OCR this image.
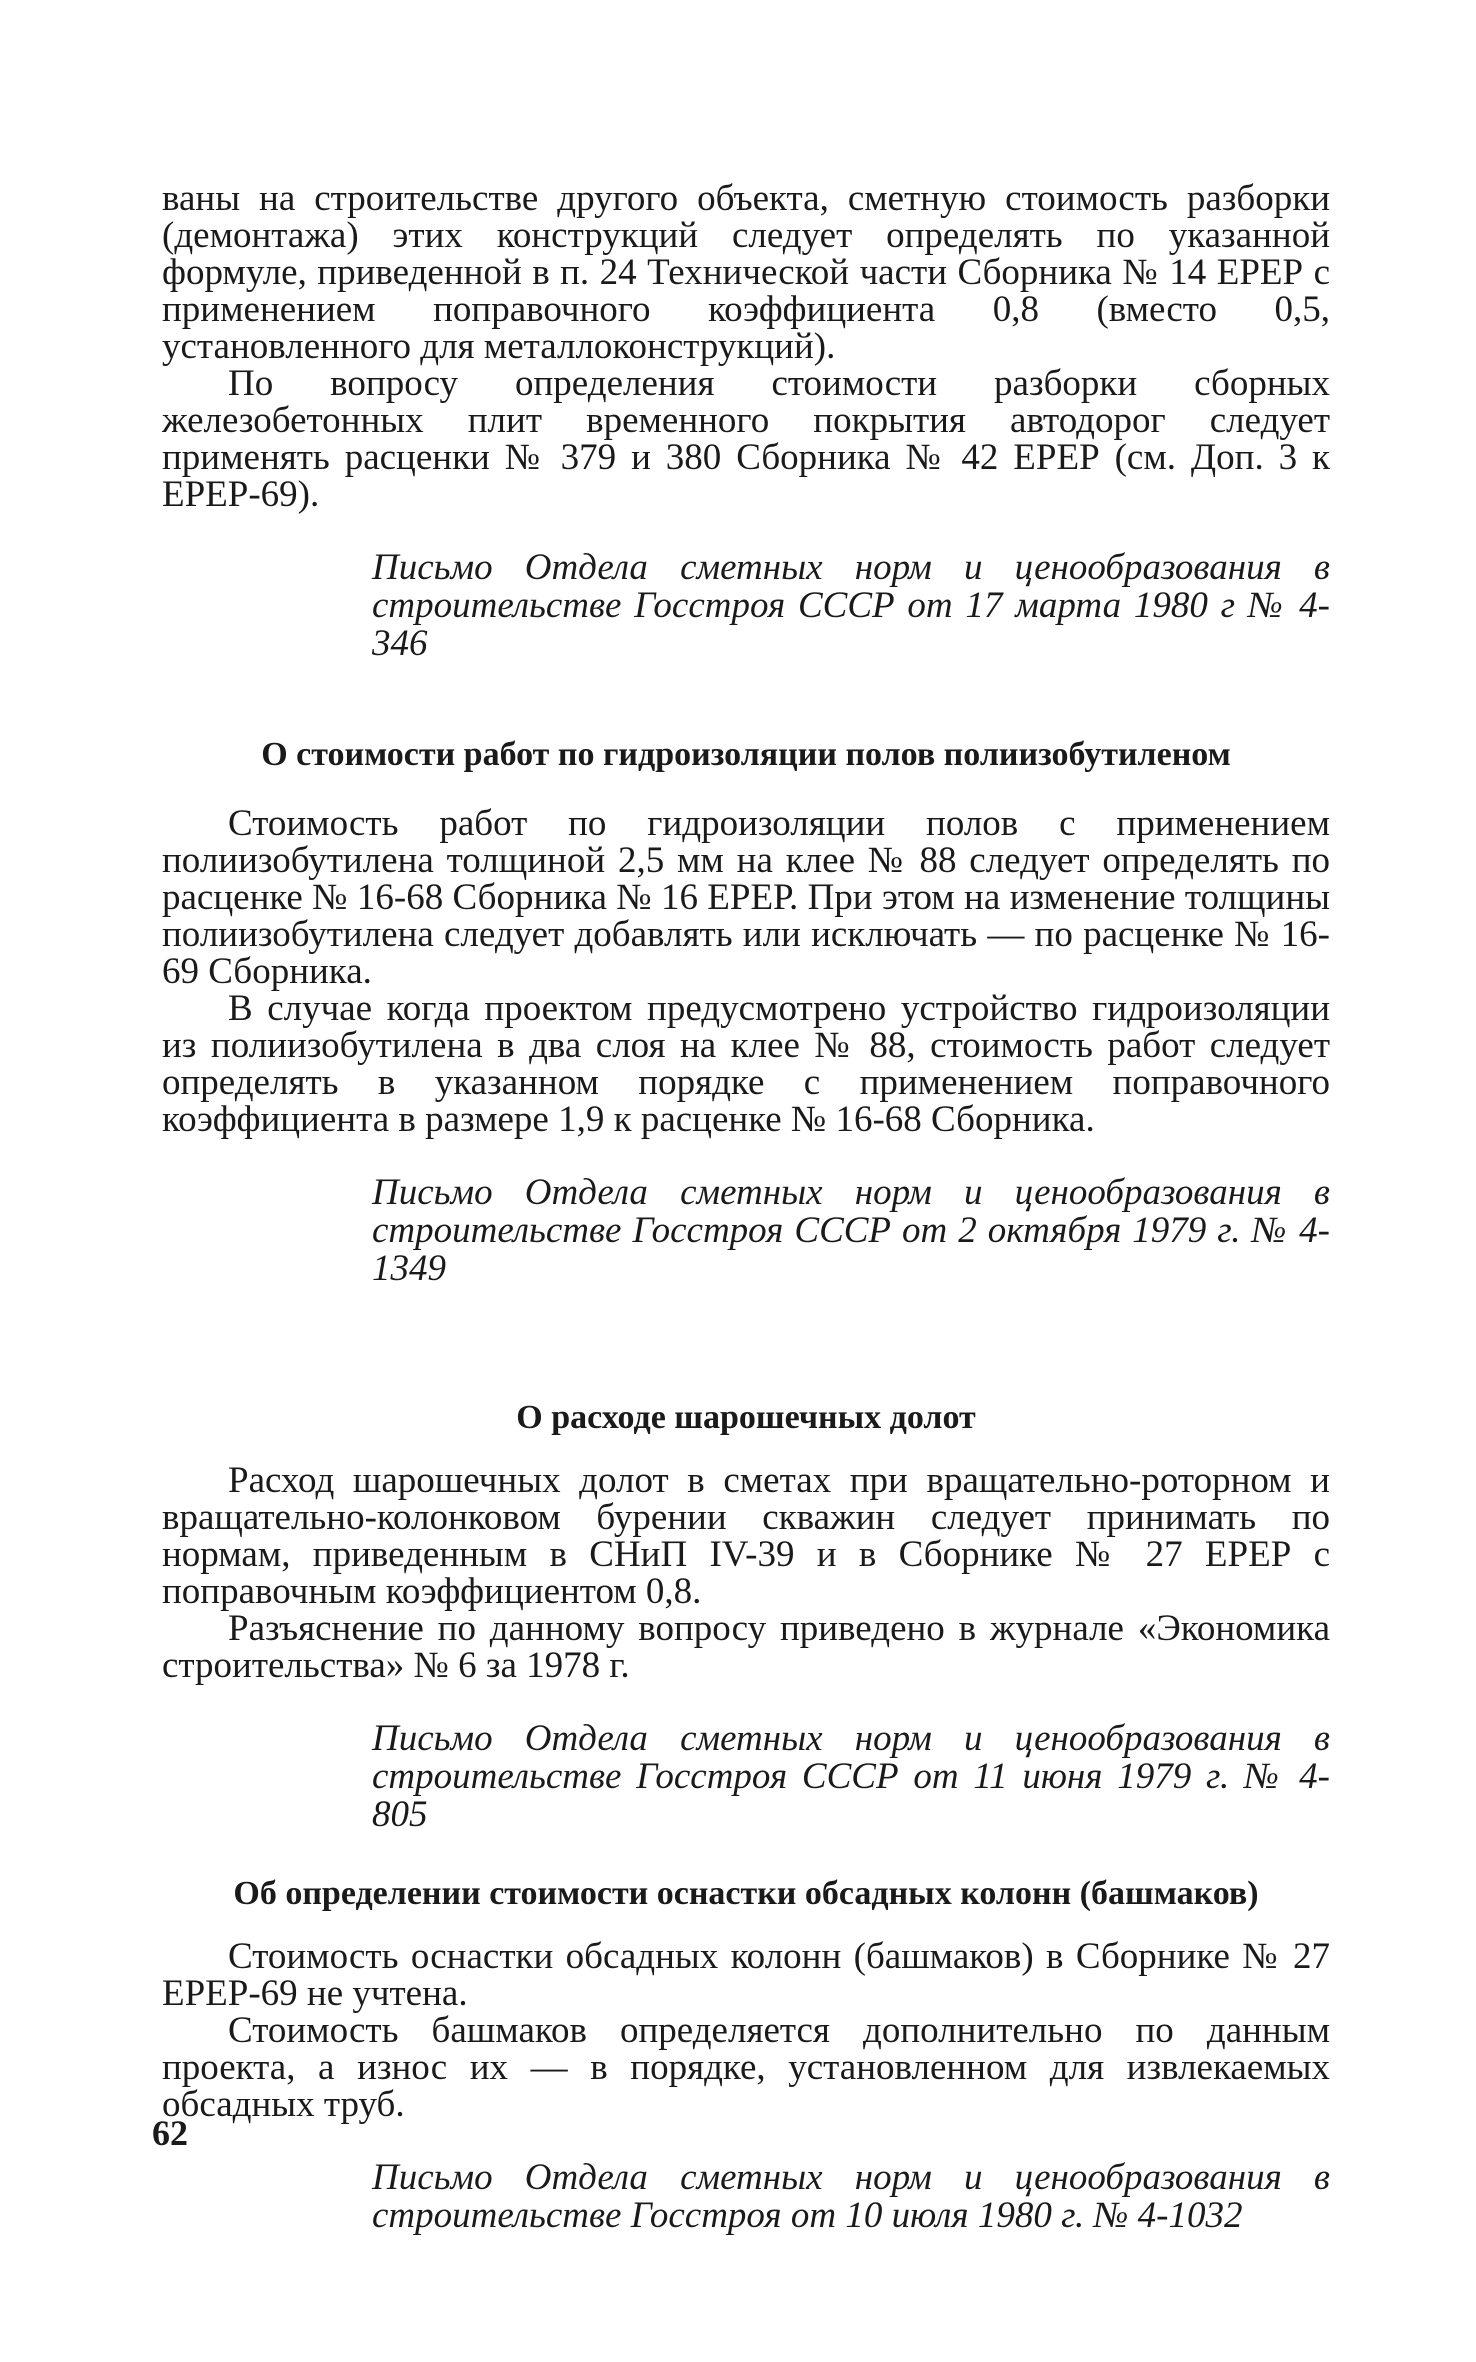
ваны на строительстве другого объекта, сметную стоимость разборки (демонтажа) этих конструкций следует определять по указанной формуле, приведенной в п. 24 Технической части Сборника № 14 ЕРЕР с применением поправочного коэффициента 0,8 (вместо 0,5, установленного для металлоконструкций).

По вопросу определения стоимости разборки сборных железобетонных плит временного покрытия автодорог следует применять расценки № 379 и 380 Сборника № 42 ЕРЕР (см. Доп. 3 к ЕРЕР-69).

Письмо Отдела сметных норм и ценообразования в строительстве Госстроя СССР от 17 марта 1980 г № 4-346

О стоимости работ по гидроизоляции полов полиизобутиленом

Стоимость работ по гидроизоляции полов с применением полиизобутилена толщиной 2,5 мм на клее № 88 следует определять по расценке № 16-68 Сборника № 16 ЕРЕР. При этом на изменение толщины полиизобутилена следует добавлять или исключать — по расценке № 16-69 Сборника.

В случае когда проектом предусмотрено устройство гидроизоляции из полиизобутилена в два слоя на клее № 88, стоимость работ следует определять в указанном порядке с применением поправочного коэффициента в размере 1,9 к расценке № 16-68 Сборника.

Письмо Отдела сметных норм и ценообразования в строительстве Госстроя СССР от 2 октября 1979 г. № 4-1349

О расходе шарошечных долот

Расход шарошечных долот в сметах при вращательно-роторном и вращательно-колонковом бурении скважин следует принимать по нормам, приведенным в СНиП IV-39 и в Сборнике № 27 ЕРЕР с поправочным коэффициентом 0,8.

Разъяснение по данному вопросу приведено в журнале «Экономика строительства» № 6 за 1978 г.

Письмо Отдела сметных норм и ценообразования в строительстве Госстроя СССР от 11 июня 1979 г. № 4-805

Об определении стоимости оснастки обсадных колонн (башмаков)

Стоимость оснастки обсадных колонн (башмаков) в Сборнике № 27 ЕРЕР-69 не учтена.

Стоимость башмаков определяется дополнительно по данным проекта, а износ их — в порядке, установленном для извлекаемых обсадных труб.

Письмо Отдела сметных норм и ценообразования в строительстве Госстроя от 10 июля 1980 г. № 4-1032

62
